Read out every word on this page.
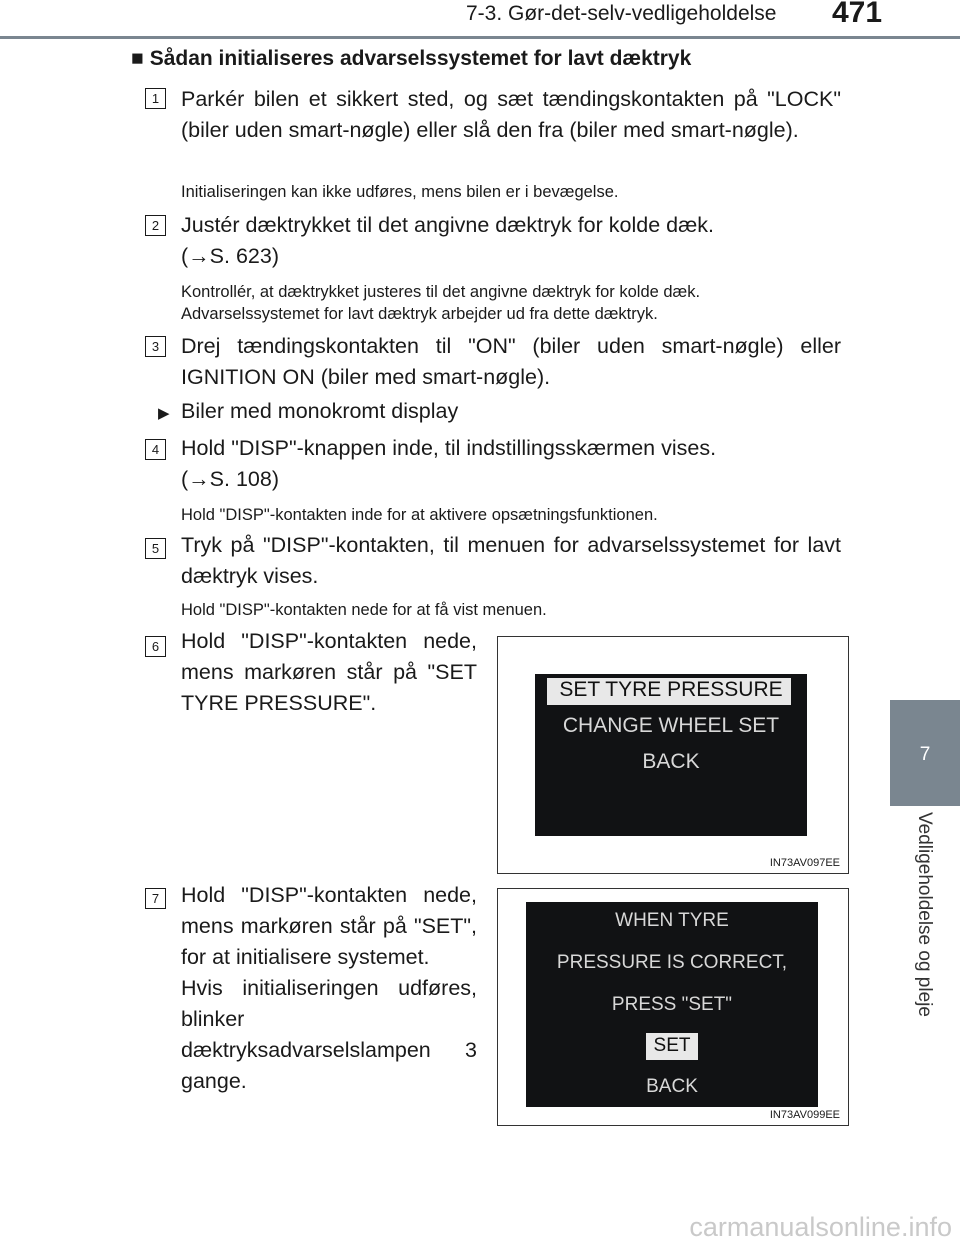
7-3. Gør-det-selv-vedligeholdelse 471
7
Vedligeholdelse og pleje
■ Sådan initialiseres advarselssystemet for lavt dæktryk
1	Parkér bilen et sikkert sted, og sæt tændingskontakten på "LOCK" (biler uden smart-nøgle) eller slå den fra (biler med smart-nøgle).
Initialiseringen kan ikke udføres, mens bilen er i bevægelse.
2	Justér dæktrykket til det angivne dæktryk for kolde dæk.
(→S. 623)
Kontrollér, at dæktrykket justeres til det angivne dæktryk for kolde dæk. Advarselssystemet for lavt dæktryk arbejder ud fra dette dæktryk.
3	Drej tændingskontakten til "ON" (biler uden smart-nøgle) eller IGNITION ON (biler med smart-nøgle).
▶ Biler med monokromt display
4	Hold "DISP"-knappen inde, til indstillingsskærmen vises.
(→S. 108)
Hold "DISP"-kontakten inde for at aktivere opsætningsfunktionen.
5	Tryk på "DISP"-kontakten, til menuen for advarselssystemet for lavt dæktryk vises.
Hold "DISP"-kontakten nede for at få vist menuen.
6	Hold "DISP"-kontakten nede, mens markøren står på "SET TYRE PRESSURE".
SET TYRE PRESSURE
CHANGE WHEEL SET
BACK
IN73AV097EE
7	Hold "DISP"-kontakten nede, mens markøren står på "SET", for at initialisere systemet.
Hvis initialiseringen udføres, blinker dæktryksadvarselslampen 3 gange.
WHEN TYRE
PRESSURE IS CORRECT,
PRESS "SET"
SET
BACK
IN73AV099EE
carmanualsonline.info
